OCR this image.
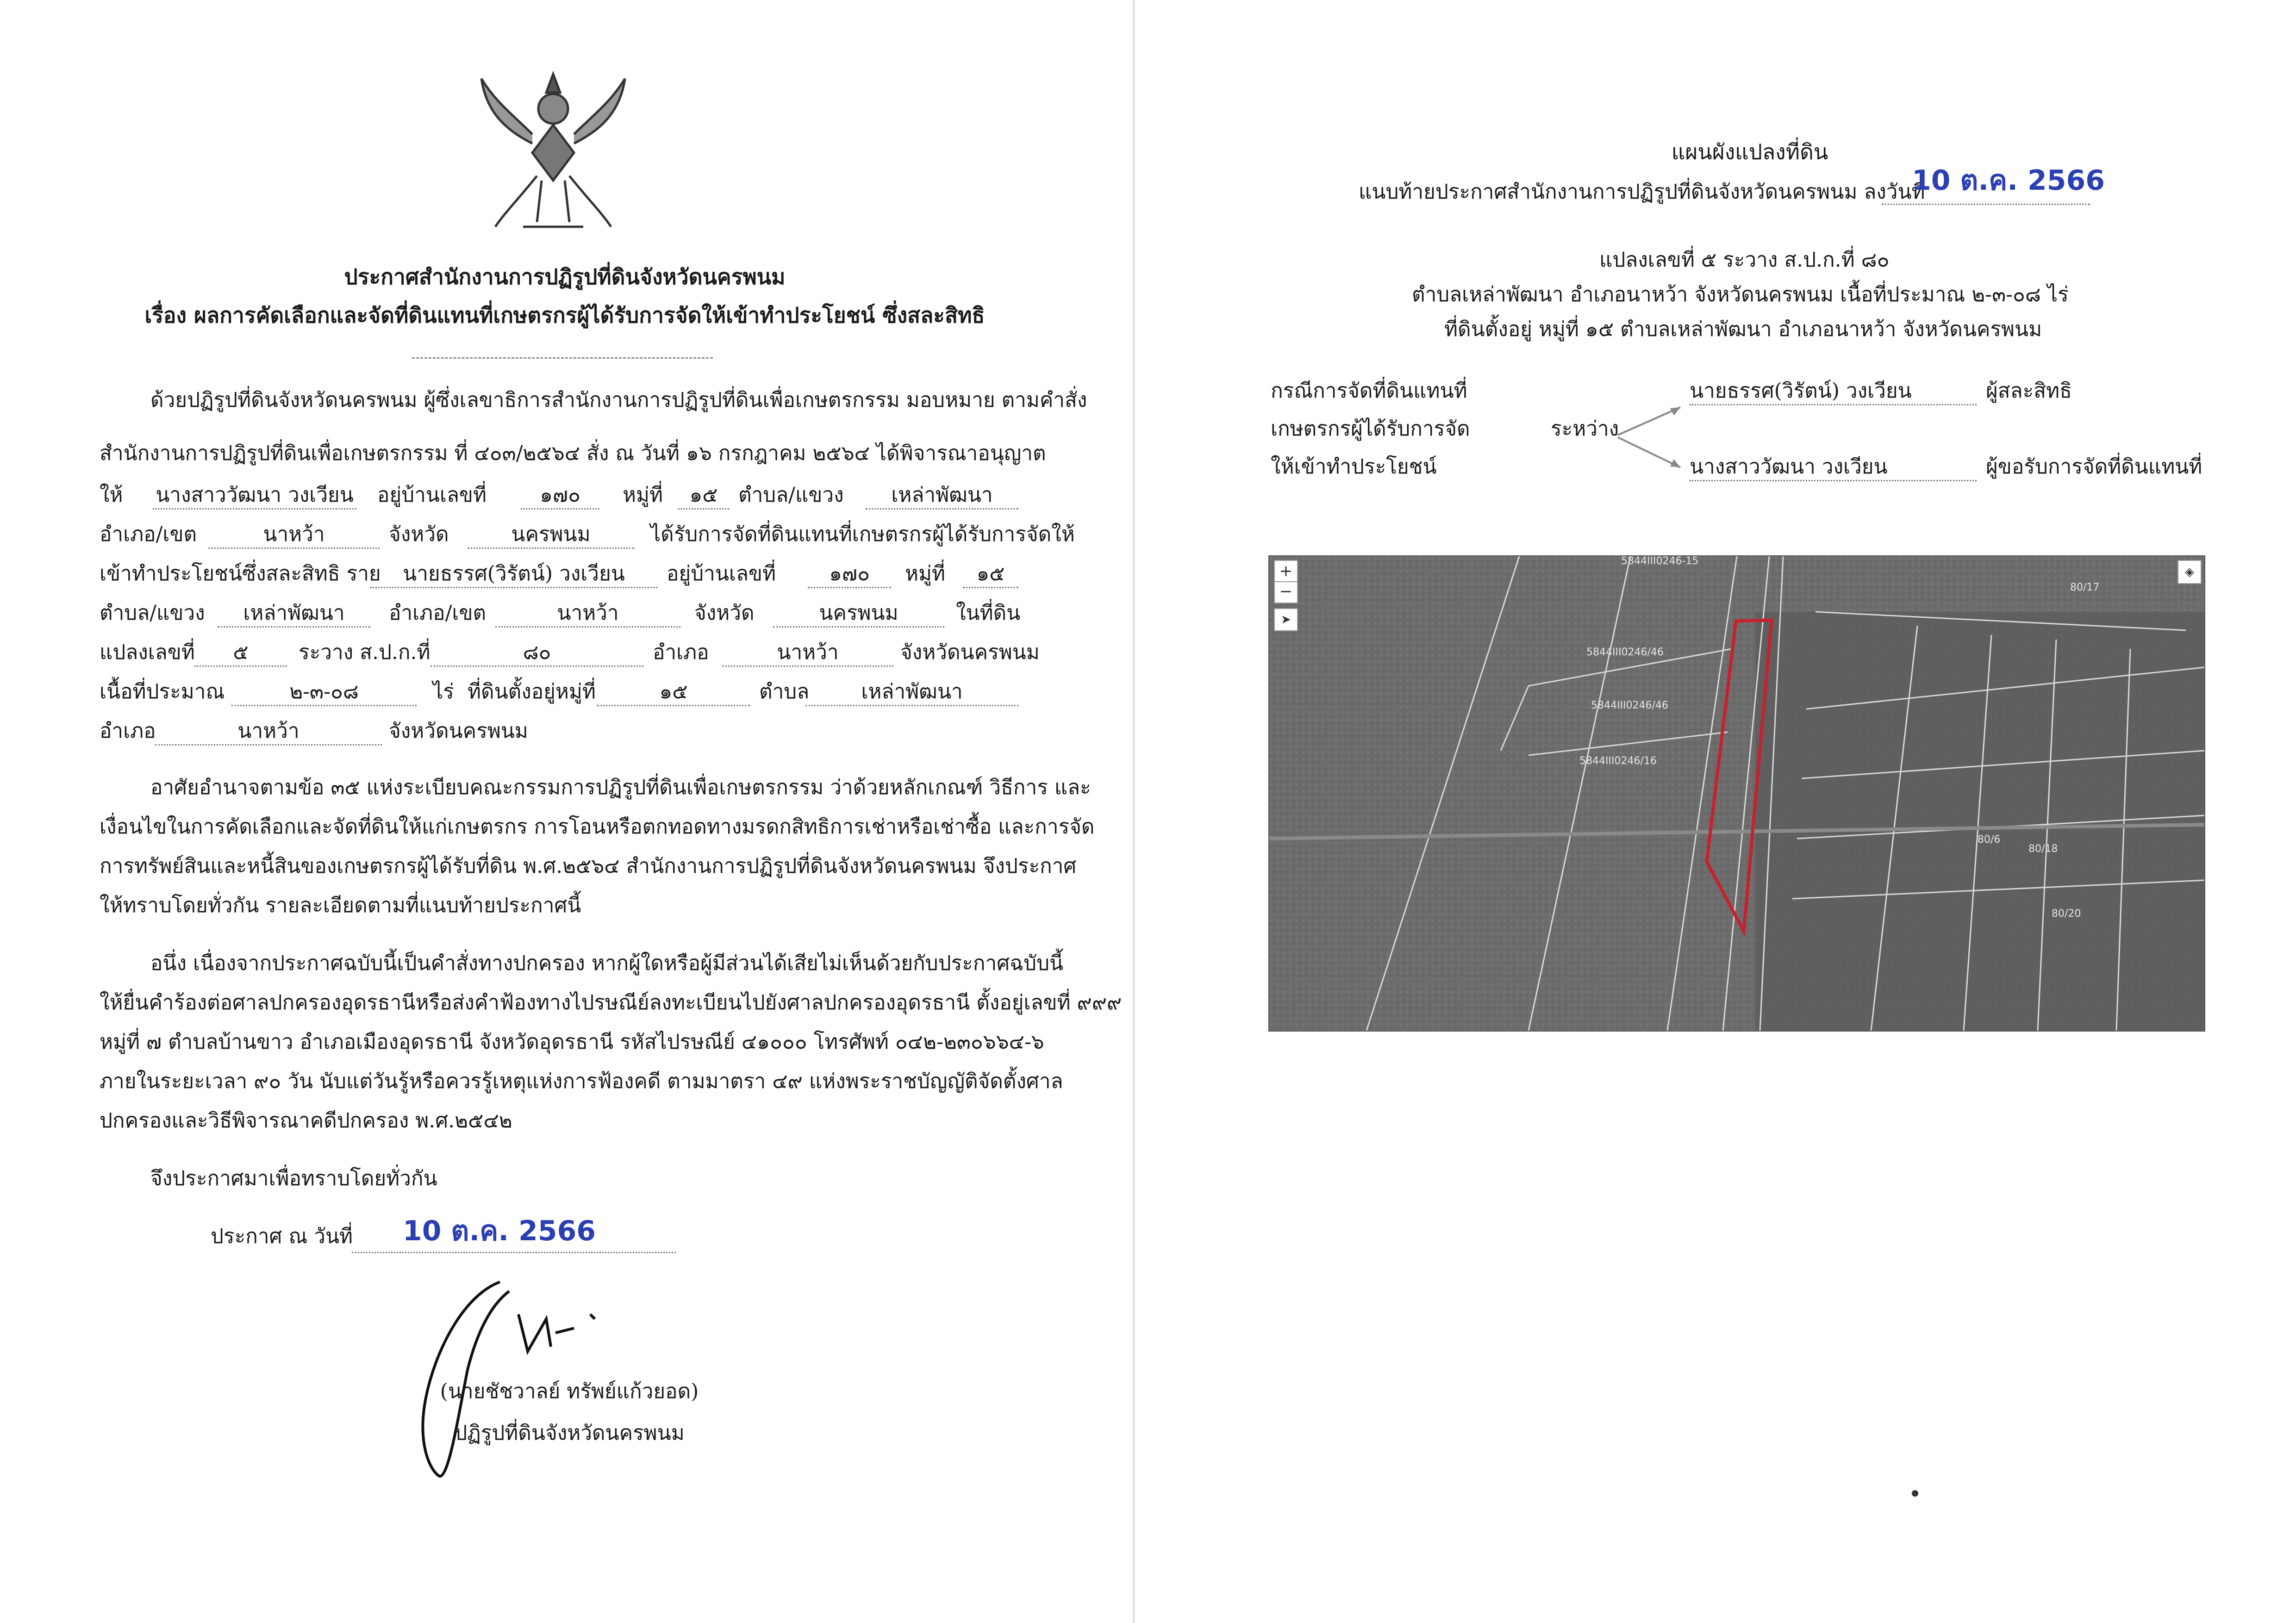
ประกาศสำนักงานการปฏิรูปที่ดินจังหวัดนครพนม
เรื่อง ผลการคัดเลือกและจัดที่ดินแทนที่เกษตรกรผู้ได้รับการจัดให้เข้าทำประโยชน์ ซึ่งสละสิทธิ
ด้วยปฏิรูปที่ดินจังหวัดนครพนม ผู้ซึ่งเลขาธิการสำนักงานการปฏิรูปที่ดินเพื่อเกษตรกรรม มอบหมาย ตามคำสั่ง
สำนักงานการปฏิรูปที่ดินเพื่อเกษตรกรรม ที่ ๔๐๓/๒๕๖๔ สั่ง ณ วันที่ ๑๖ กรกฎาคม ๒๕๖๔ ได้พิจารณาอนุญาต
ให้ นางสาววัฒนา วงเวียน อยู่บ้านเลขที่	๑๗๐	หมู่ที่	๑๕	ตำบล/แขวง	เหล่าพัฒนา
อำเภอ/เขต	นาหว้า	จังหวัด	นครพนม	ได้รับการจัดที่ดินแทนที่เกษตรกรผู้ได้รับการจัดให้
เข้าทำประโยชน์ซึ่งสละสิทธิ ราย	นายธรรศ(วิรัตน์) วงเวียน	อยู่บ้านเลขที่	๑๗๐	หมู่ที่	๑๕
ตำบล/แขวง	เหล่าพัฒนา	อำเภอ/เขต	นาหว้า	จังหวัด	นครพนม	ในที่ดิน
แปลงเลขที่	๕	ระวาง ส.ป.ก.ที่	๘๐	อำเภอ	นาหว้า	จังหวัดนครพนม
เนื้อที่ประมาณ	๒-๓-๐๘	ไร่ ที่ดินตั้งอยู่หมู่ที่	๑๕	ตำบล	เหล่าพัฒนา
อำเภอ	นาหว้า	จังหวัดนครพนม
อาศัยอำนาจตามข้อ ๓๕ แห่งระเบียบคณะกรรมการปฏิรูปที่ดินเพื่อเกษตรกรรม ว่าด้วยหลักเกณฑ์ วิธีการ และ
เงื่อนไขในการคัดเลือกและจัดที่ดินให้แก่เกษตรกร การโอนหรือตกทอดทางมรดกสิทธิการเช่าหรือเช่าซื้อ และการจัด
การทรัพย์สินและหนี้สินของเกษตรกรผู้ได้รับที่ดิน พ.ศ.๒๕๖๔ สำนักงานการปฏิรูปที่ดินจังหวัดนครพนม จึงประกาศ
ให้ทราบโดยทั่วกัน รายละเอียดตามที่แนบท้ายประกาศนี้
อนึ่ง เนื่องจากประกาศฉบับนี้เป็นคำสั่งทางปกครอง หากผู้ใดหรือผู้มีส่วนได้เสียไม่เห็นด้วยกับประกาศฉบับนี้
ให้ยื่นคำร้องต่อศาลปกครองอุดรธานีหรือส่งคำฟ้องทางไปรษณีย์ลงทะเบียนไปยังศาลปกครองอุดรธานี ตั้งอยู่เลขที่ ๙๙๙
หมู่ที่ ๗ ตำบลบ้านขาว อำเภอเมืองอุดรธานี จังหวัดอุดรธานี รหัสไปรษณีย์ ๔๑๐๐๐ โทรศัพท์ ๐๔๒-๒๓๐๖๖๔-๖
ภายในระยะเวลา ๙๐ วัน นับแต่วันรู้หรือควรรู้เหตุแห่งการฟ้องคดี ตามมาตรา ๔๙ แห่งพระราชบัญญัติจัดตั้งศาล
ปกครองและวิธีพิจารณาคดีปกครอง พ.ศ.๒๕๔๒
จึงประกาศมาเพื่อทราบโดยทั่วกัน
ประกาศ ณ วันที่ 10 ต.ค. 2566
(นายชัชวาลย์ ทรัพย์แก้วยอด)
ปฏิรูปที่ดินจังหวัดนครพนม
แผนผังแปลงที่ดิน
แนบท้ายประกาศสำนักงานการปฏิรูปที่ดินจังหวัดนครพนม ลงวันที่
10 ต.ค. 2566
แปลงเลขที่ ๕ ระวาง ส.ป.ก.ที่ ๘๐
ตำบลเหล่าพัฒนา อำเภอนาหว้า จังหวัดนครพนม เนื้อที่ประมาณ ๒-๓-๐๘ ไร่
ที่ดินตั้งอยู่ หมู่ที่ ๑๕ ตำบลเหล่าพัฒนา อำเภอนาหว้า จังหวัดนครพนม
กรณีการจัดที่ดินแทนที่
เกษตรกรผู้ได้รับการจัด
ให้เข้าทำประโยชน์
ระหว่าง
นายธรรศ(วิรัตน์) วงเวียน	ผู้สละสิทธิ
นางสาววัฒนา วงเวียน	ผู้ขอรับการจัดที่ดินแทนที่
5844III0246-15
5844III0246/46
5844III0246/46
5844III0246/16
80/17
80/6
80/18
80/20
+
−
➤
◈
